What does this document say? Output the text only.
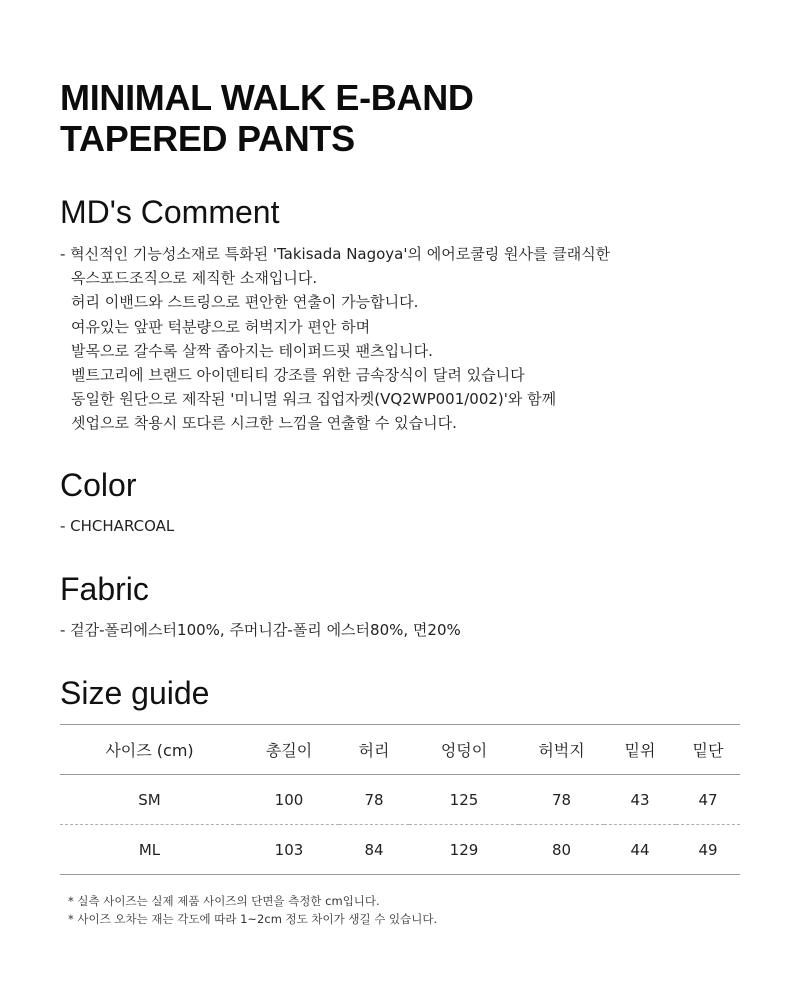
MINIMAL WALK E-BAND
TAPERED PANTS
MD's Comment
- 혁신적인 기능성소재로 특화된 'Takisada Nagoya'의 에어로쿨링 원사를 클래식한
옥스포드조직으로 제직한 소재입니다.
허리 이밴드와 스트링으로 편안한 연출이 가능합니다.
여유있는 앞판 턱분량으로 허벅지가 편안 하며
발목으로 갈수록 살짝 좁아지는 테이퍼드핏 팬츠입니다.
벨트고리에 브랜드 아이덴티티 강조를 위한 금속장식이 달려 있습니다
동일한 원단으로 제작된 '미니멀 워크 집업자켓(VQ2WP001/002)'와 함께
셋업으로 착용시 또다른 시크한 느낌을 연출할 수 있습니다.
Color

- CHCHARCOAL

Fabric

- 겉감-폴리에스터100%, 주머니감-폴리 에스터80%, 면20%

Size guide
사이즈 (cm)	총길이	허리	엉덩이	허벅지	밑위	밑단
SM	100	78	125	78	43	47
ML	103	84	129	80	44	49
* 실측 사이즈는 실제 제품 사이즈의 단면을 측정한 cm입니다.
* 사이즈 오차는 재는 각도에 따라 1~2cm 정도 차이가 생길 수 있습니다.
